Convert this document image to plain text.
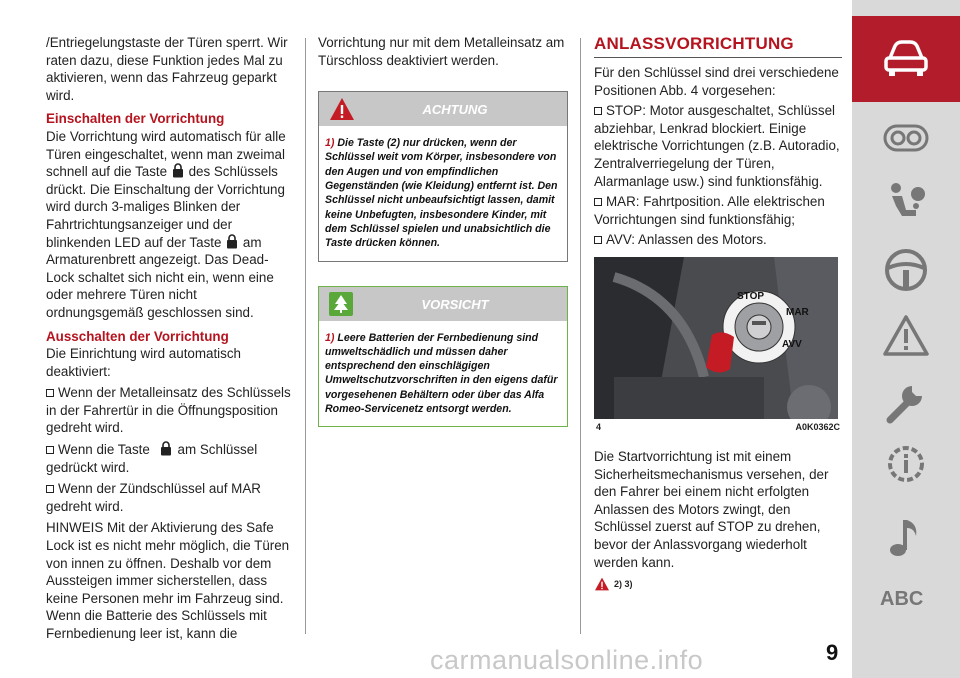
/Entriegelungstaste der Türen sperrt. Wir raten dazu, diese Funktion jedes Mal zu aktivieren, wenn das Fahrzeug geparkt wird.

Einschalten der Vorrichtung

Die Vorrichtung wird automatisch für alle Türen eingeschaltet, wenn man zweimal schnell auf die Taste des Schlüssels drückt. Die Einschaltung der Vorrichtung wird durch 3-maliges Blinken der Fahrtrichtungsanzeiger und der blinkenden LED auf der Taste am Armaturenbrett angezeigt. Das Dead-Lock schaltet sich nicht ein, wenn eine oder mehrere Türen nicht ordnungsgemäß geschlossen sind.

Ausschalten der Vorrichtung

Die Einrichtung wird automatisch deaktiviert:

Wenn der Metalleinsatz des Schlüssels in der Fahrertür in die Öffnungsposition gedreht wird.

Wenn die Taste am Schlüssel gedrückt wird.

Wenn der Zündschlüssel auf MAR gedreht wird.

HINWEIS Mit der Aktivierung des Safe Lock ist es nicht mehr möglich, die Türen von innen zu öffnen. Deshalb vor dem Aussteigen immer sicherstellen, dass keine Personen mehr im Fahrzeug sind. Wenn die Batterie des Schlüssels mit Fernbedienung leer ist, kann die

Vorrichtung nur mit dem Metalleinsatz am Türschloss deaktiviert werden.

ACHTUNG
1) Die Taste (2) nur drücken, wenn der Schlüssel weit vom Körper, insbesondere von den Augen und von empfindlichen Gegenständen (wie Kleidung) entfernt ist. Den Schlüssel nicht unbeaufsichtigt lassen, damit keine Unbefugten, insbesondere Kinder, mit dem Schlüssel spielen und unabsichtlich die Taste drücken können.
VORSICHT
1) Leere Batterien der Fernbedienung sind umweltschädlich und müssen daher entsprechend den einschlägigen Umweltschutzvorschriften in den eigens dafür vorgesehenen Behältern oder über das Alfa Romeo-Servicenetz entsorgt werden.
ANLASSVORRICHTUNG

Für den Schlüssel sind drei verschiedene Positionen Abb. 4 vorgesehen:

STOP: Motor ausgeschaltet, Schlüssel abziehbar, Lenkrad blockiert. Einige elektrische Vorrichtungen (z.B. Autoradio, Zentralverriegelung der Türen, Alarmanlage usw.) sind funktionsfähig.

MAR: Fahrtposition. Alle elektrischen Vorrichtungen sind funktionsfähig;

AVV: Anlassen des Motors.

STOP
MAR
AVV
4	A0K0362C

Die Startvorrichtung ist mit einem Sicherheitsmechanismus versehen, der den Fahrer bei einem nicht erfolgten Anlassen des Motors zwingt, den Schlüssel zuerst auf STOP zu drehen, bevor der Anlassvorgang wiederholt werden kann.

2) 3)
ABC
9
carmanualsonline.info
